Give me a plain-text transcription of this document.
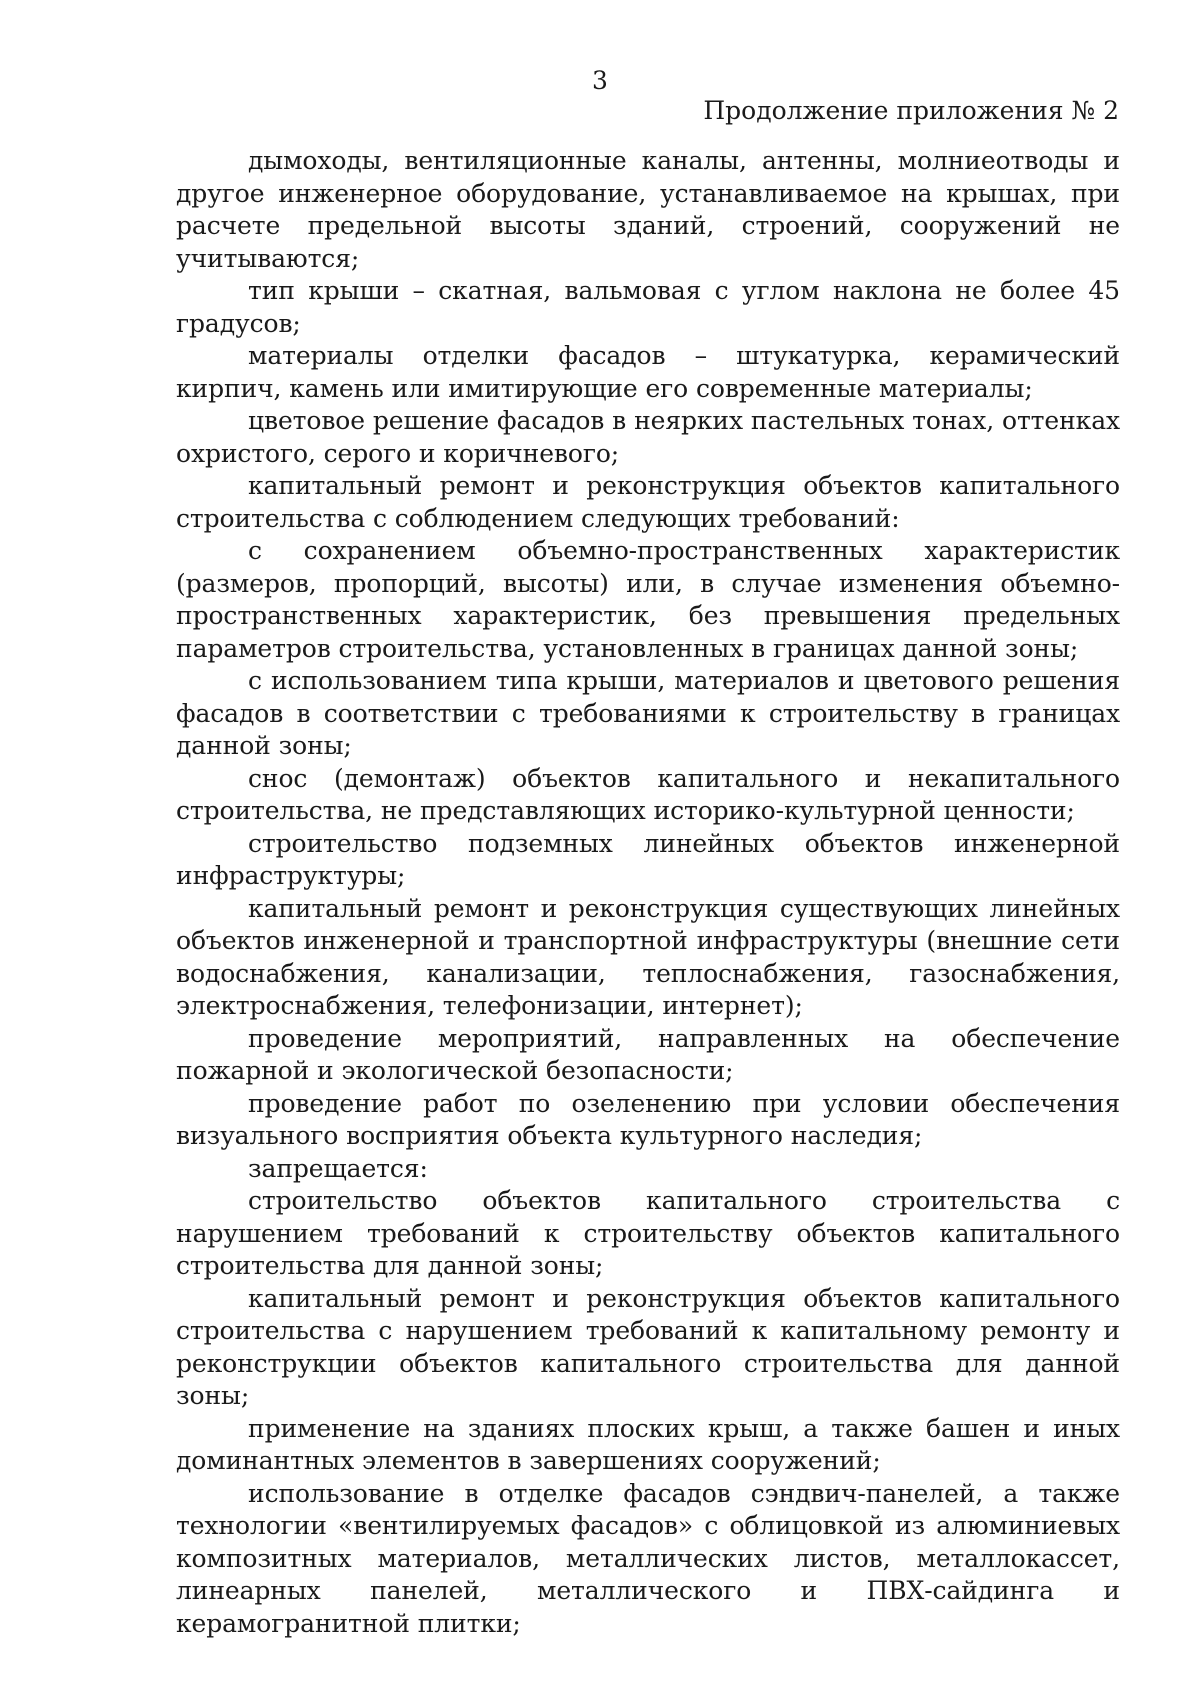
3
Продолжение приложения № 2

дымоходы, вентиляционные каналы, антенны, молниеотводы и другое инженерное оборудование, устанавливаемое на крышах, при расчете предельной высоты зданий, строений, сооружений не учитываются;

тип крыши – скатная, вальмовая с углом наклона не более 45 градусов;

материалы отделки фасадов – штукатурка, керамический кирпич, камень или имитирующие его современные материалы;

цветовое решение фасадов в неярких пастельных тонах, оттенках охристого, серого и коричневого;

капитальный ремонт и реконструкция объектов капитального строительства с соблюдением следующих требований:

с сохранением объемно-пространственных характеристик (размеров, пропорций, высоты) или, в случае изменения объемно-пространственных характеристик, без превышения предельных параметров строительства, установленных в границах данной зоны;

с использованием типа крыши, материалов и цветового решения фасадов в соответствии с требованиями к строительству в границах данной зоны;

снос (демонтаж) объектов капитального и некапитального строительства, не представляющих историко-культурной ценности;

строительство подземных линейных объектов инженерной инфраструктуры;

капитальный ремонт и реконструкция существующих линейных объектов инженерной и транспортной инфраструктуры (внешние сети водоснабжения, канализации, теплоснабжения, газоснабжения, электроснабжения, телефонизации, интернет);

проведение мероприятий, направленных на обеспечение пожарной и экологической безопасности;

проведение работ по озеленению при условии обеспечения визуального восприятия объекта культурного наследия;

запрещается:

строительство объектов капитального строительства с нарушением требований к строительству объектов капитального строительства для данной зоны;

капитальный ремонт и реконструкция объектов капитального строительства с нарушением требований к капитальному ремонту и реконструкции объектов капитального строительства для данной зоны;

применение на зданиях плоских крыш, а также башен и иных доминантных элементов в завершениях сооружений;

использование в отделке фасадов сэндвич-панелей, а также технологии «вентилируемых фасадов» с облицовкой из алюминиевых композитных материалов, металлических листов, металлокассет, линеарных панелей, металлического и ПВХ-сайдинга и керамогранитной плитки;
